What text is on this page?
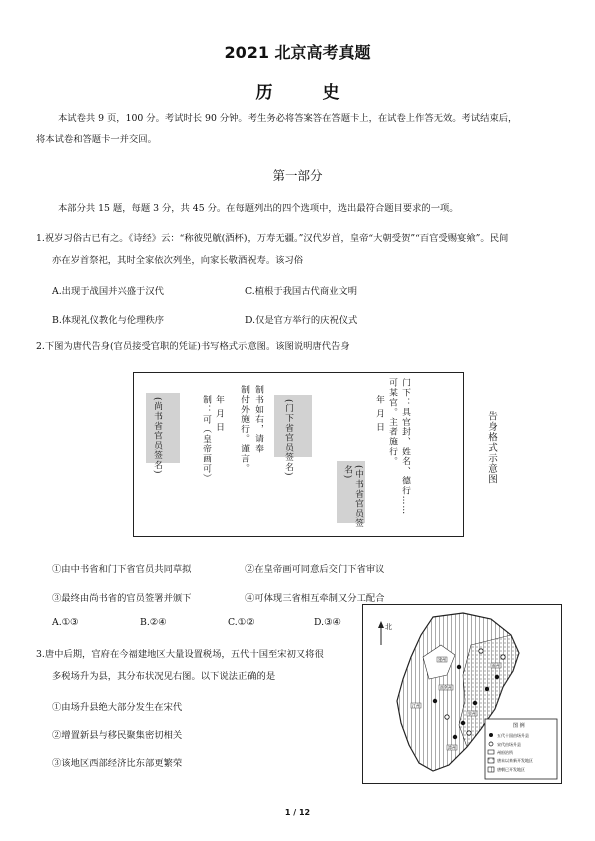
2021 北京高考真题
历 史
本试卷共 9 页，100 分。考试时长 90 分钟。考生务必将答案答在答题卡上，在试卷上作答无效。考试结束后，
将本试卷和答题卡一并交回。
第一部分
本部分共 15 题，每题 3 分，共 45 分。在每题列出的四个选项中，选出最符合题目要求的一项。
1.祝岁习俗古已有之。《诗经》云：“称彼兕觥(酒杯)，万寿无疆。”汉代岁首，皇帝“大朝受贺”“百官受赐宴飨”。民间
亦在岁首祭祀，其时全家依次列坐，向家长敬酒祝寿。该习俗
A.出现于战国并兴盛于汉代	C.植根于我国古代商业文明
B.体现礼仪教化与伦理秩序	D.仅是官方举行的庆祝仪式
2.下图为唐代告身(官员接受官职的凭证)书写格式示意图。该图说明唐代告身
告身格式示意图
门下：具官封、姓名、德行……
可某官。主者施行。
年 月 日
(中书省官员签名)
(门下省官员签名)
制书如右，请奉
制付外施行。谨言。
年 月 日
制：可（皇帝画可）
(尚书省官员签名)
①由中书省和门下省官员共同草拟	②在皇帝画可同意后交门下省审议
③最终由尚书省的官员签署并颁下	④可体现三省相互牵制又分工配合
A.①③	B.②④	C.①②	D.③④
3.唐中后期，官府在今福建地区大量设置税场，五代十国至宋初又将很
多税场升为县，其分布状况见右图。以下说法正确的是
①由场升县绝大部分发生在宋代
②增置新县与移民聚集密切相关
③该地区西部经济比东部更繁荣
北
建州
福州
汀州
泉州
漳州
南剑州
图 例
五代十国由场升县
宋代由场升县
州府治所
唐末以来新开发地区
唐朝已开发地区
1 / 12
